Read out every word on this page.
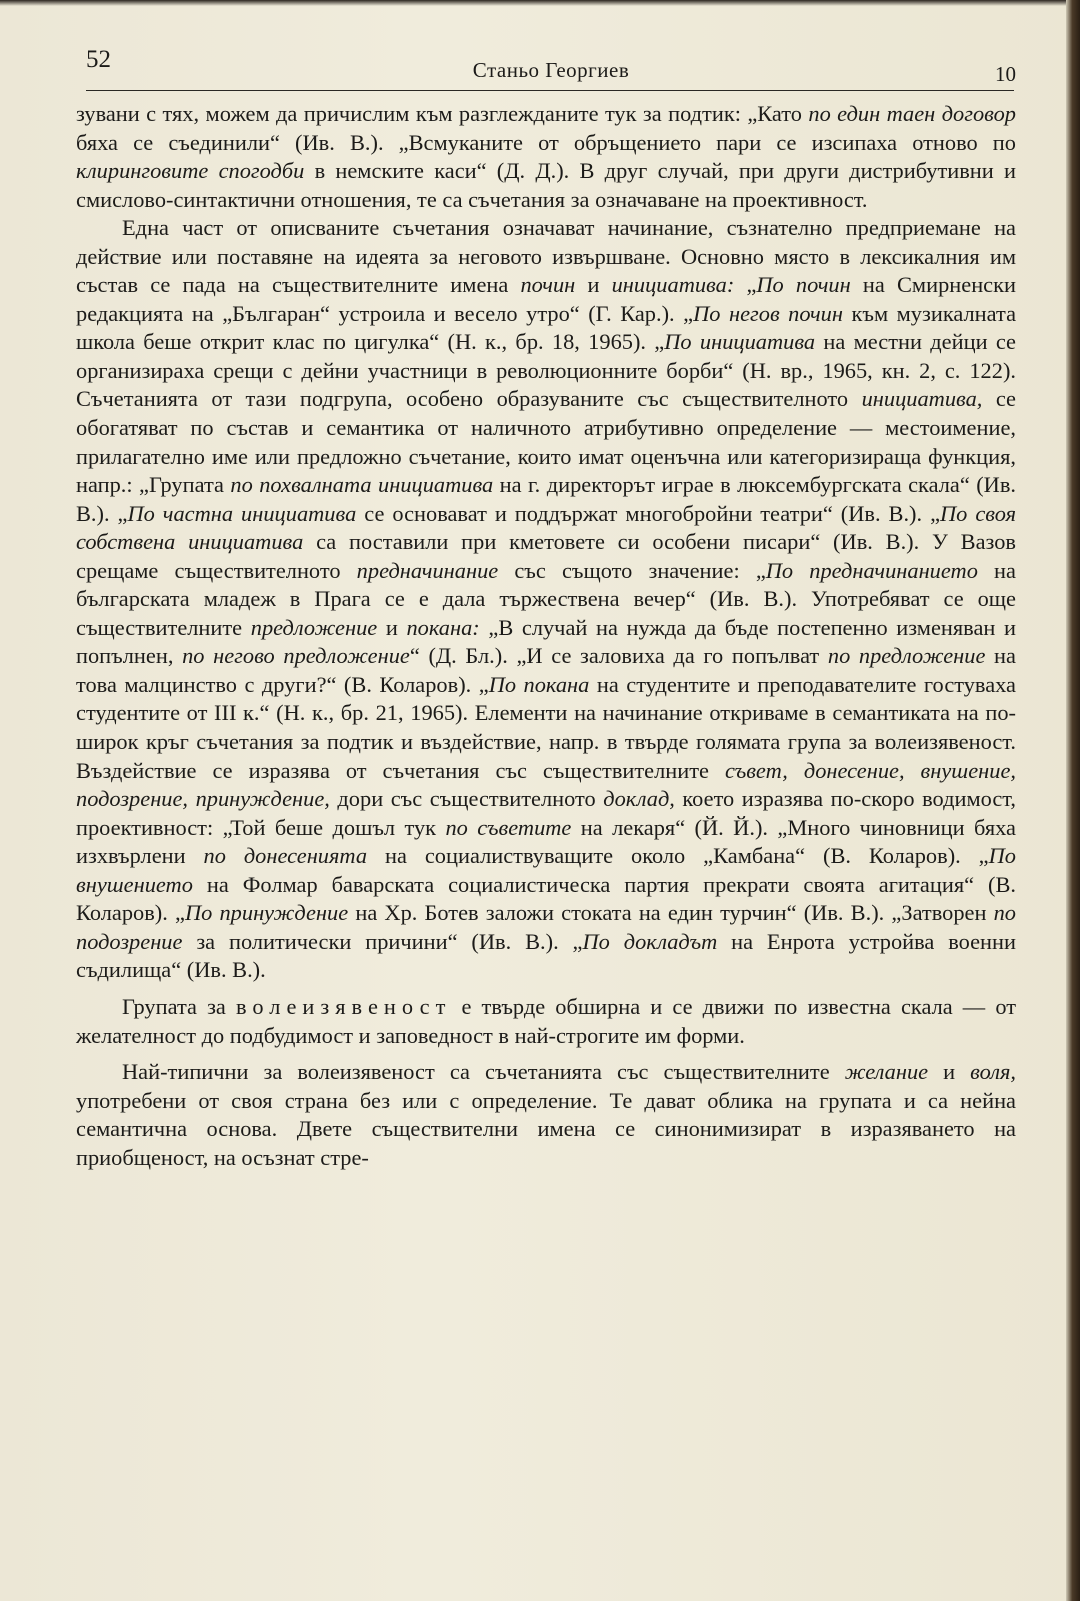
52	Станьо Георгиев	10

зувани с тях, можем да причислим към разглежданите тук за подтик: „Като по един таен договор бяха се съединили“ (Ив. В.). „Всмуканите от обръщението пари се изсипаха отново по клиринговите спогодби в немските каси“ (Д. Д.). В друг случай, при други дистрибутивни и смислово-синтактични отношения, те са съчетания за означаване на проективност.

Една част от описваните съчетания означават начинание, съзнателно предприемане на действие или поставяне на идеята за неговото извършване. Основно място в лексикалния им състав се пада на съществителните имена почин и инициатива: „По почин на Смирненски редакцията на „Българан“ устроила и весело утро“ (Г. Кар.). „По негов почин към музикалната школа беше открит клас по цигулка“ (Н. к., бр. 18, 1965). „По инициатива на местни дейци се организираха срещи с дейни участници в революционните борби“ (Н. вр., 1965, кн. 2, с. 122). Съчетанията от тази подгрупа, особено образуваните със съществителното инициатива, се обогатяват по състав и семантика от наличното атрибутивно определение — местоимение, прилагателно име или предложно съчетание, които имат оценъчна или категоризираща функция, напр.: „Групата по похвалната инициатива на г. директорът играе в люксембургската скала“ (Ив. В.). „По частна инициатива се основават и поддържат многобройни театри“ (Ив. В.). „По своя собствена инициатива са поставили при кметовете си особени писари“ (Ив. В.). У Вазов срещаме съществителното предначинание със същото значение: „По предначинанието на българската младеж в Прага се е дала тържествена вечер“ (Ив. В.). Употребяват се още съществителните предложение и покана: „В случай на нужда да бъде постепенно изменяван и попълнен, по негово предложение“ (Д. Бл.). „И се заловиха да го попълват по предложение на това малцинство с други?“ (В. Коларов). „По покана на студентите и преподавателите гостуваха студентите от III к.“ (Н. к., бр. 21, 1965). Елементи на начинание откриваме в семантиката на по-широк кръг съчетания за подтик и въздействие, напр. в твърде голямата група за волеизявеност. Въздействие се изразява от съчетания със съществителните съвет, донесение, внушение, подозрение, принуждение, дори със съществителното доклад, което изразява по-скоро водимост, проективност: „Той беше дошъл тук по съветите на лекаря“ (Й. Й.). „Много чиновници бяха изхвърлени по донесенията на социалиствуващите около „Камбана“ (В. Коларов). „По внушението на Фолмар баварската социалистическа партия прекрати своята агитация“ (В. Коларов). „По принуждение на Хр. Ботев заложи стоката на един турчин“ (Ив. В.). „Затворен по подозрение за политически причини“ (Ив. В.). „По докладът на Енрота устройва военни съдилища“ (Ив. В.).

Групата за волеизявеност е твърде обширна и се движи по известна скала — от желателност до подбудимост и заповедност в най-строгите им форми.

Най-типични за волеизявеност са съчетанията със съществителните желание и воля, употребени от своя страна без или с определение. Те дават облика на групата и са нейна семантична основа. Двете съществителни имена се синонимизират в изразяването на приобщеност, на осъзнат стре-
